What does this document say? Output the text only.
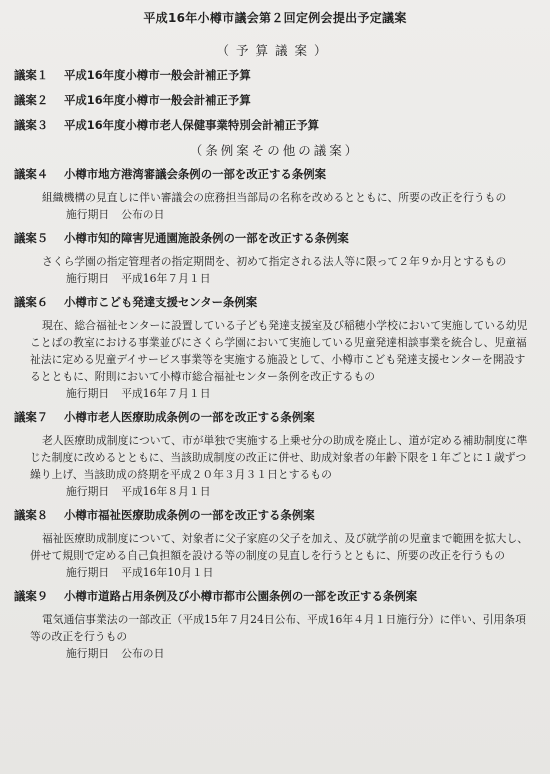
平成16年小樽市議会第２回定例会提出予定議案
（予算議案）
議案１ 平成16年度小樽市一般会計補正予算
議案２ 平成16年度小樽市一般会計補正予算
議案３ 平成16年度小樽市老人保健事業特別会計補正予算
（条例案その他の議案）
議案４ 小樽市地方港湾審議会条例の一部を改正する条例案
組織機構の見直しに伴い審議会の庶務担当部局の名称を改めるとともに、所要の改正を行うもの
施行期日 公布の日
議案５ 小樽市知的障害児通園施設条例の一部を改正する条例案
さくら学園の指定管理者の指定期間を、初めて指定される法人等に限って２年９か月とするもの
施行期日 平成16年７月１日
議案６ 小樽市こども発達支援センター条例案
現在、総合福祉センターに設置している子ども発達支援室及び稲穂小学校において実施している幼児ことばの教室における事業並びにさくら学園において実施している児童発達相談事業を統合し、児童福祉法に定める児童デイサービス事業等を実施する施設として、小樽市こども発達支援センターを開設するとともに、附則において小樽市総合福祉センター条例を改正するもの
施行期日 平成16年７月１日
議案７ 小樽市老人医療助成条例の一部を改正する条例案
老人医療助成制度について、市が単独で実施する上乗せ分の助成を廃止し、道が定める補助制度に準じた制度に改めるとともに、当該助成制度の改正に併せ、助成対象者の年齢下限を１年ごとに１歳ずつ繰り上げ、当該助成の終期を平成２０年３月３１日とするもの
施行期日 平成16年８月１日
議案８ 小樽市福祉医療助成条例の一部を改正する条例案
福祉医療助成制度について、対象者に父子家庭の父子を加え、及び就学前の児童まで範囲を拡大し、併せて規則で定める自己負担額を設ける等の制度の見直しを行うとともに、所要の改正を行うもの
施行期日 平成16年10月１日
議案９ 小樽市道路占用条例及び小樽市都市公園条例の一部を改正する条例案
電気通信事業法の一部改正（平成15年７月24日公布、平成16年４月１日施行分）に伴い、引用条項等の改正を行うもの
施行期日 公布の日
